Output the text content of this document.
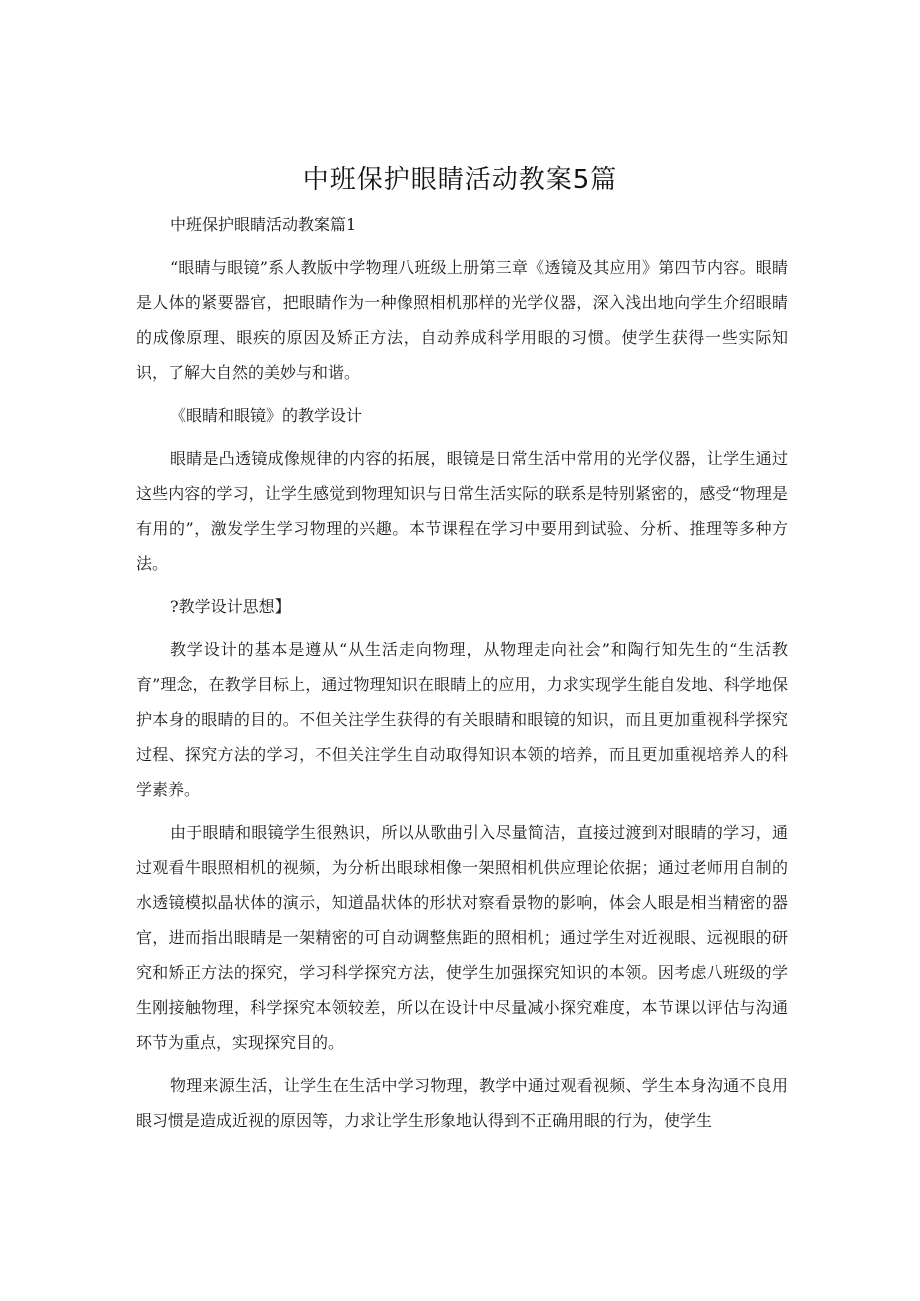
中班保护眼睛活动教案5篇
中班保护眼睛活动教案篇1

“眼睛与眼镜”系人教版中学物理八班级上册第三章《透镜及其应用》第四节内容。眼睛是人体的紧要器官，把眼睛作为一种像照相机那样的光学仪器，深入浅出地向学生介绍眼睛的成像原理、眼疾的原因及矫正方法，自动养成科学用眼的习惯。使学生获得一些实际知识，了解大自然的美妙与和谐。

《眼睛和眼镜》的教学设计

眼睛是凸透镜成像规律的内容的拓展，眼镜是日常生活中常用的光学仪器，让学生通过这些内容的学习，让学生感觉到物理知识与日常生活实际的联系是特别紧密的，感受“物理是有用的”，激发学生学习物理的兴趣。本节课程在学习中要用到试验、分析、推理等多种方法。

?教学设计思想】

教学设计的基本是遵从“从生活走向物理，从物理走向社会”和陶行知先生的“生活教育”理念，在教学目标上，通过物理知识在眼睛上的应用，力求实现学生能自发地、科学地保护本身的眼睛的目的。不但关注学生获得的有关眼睛和眼镜的知识，而且更加重视科学探究过程、探究方法的学习，不但关注学生自动取得知识本领的培养，而且更加重视培养人的科学素养。

由于眼睛和眼镜学生很熟识，所以从歌曲引入尽量简洁，直接过渡到对眼睛的学习，通过观看牛眼照相机的视频，为分析出眼球相像一架照相机供应理论依据；通过老师用自制的水透镜模拟晶状体的演示，知道晶状体的形状对察看景物的影响，体会人眼是相当精密的器官，进而指出眼睛是一架精密的可自动调整焦距的照相机；通过学生对近视眼、远视眼的研究和矫正方法的探究，学习科学探究方法，使学生加强探究知识的本领。因考虑八班级的学生刚接触物理，科学探究本领较差，所以在设计中尽量减小探究难度，本节课以评估与沟通环节为重点，实现探究目的。

物理来源生活，让学生在生活中学习物理，教学中通过观看视频、学生本身沟通不良用眼习惯是造成近视的原因等，力求让学生形象地认得到不正确用眼的行为，使学生
